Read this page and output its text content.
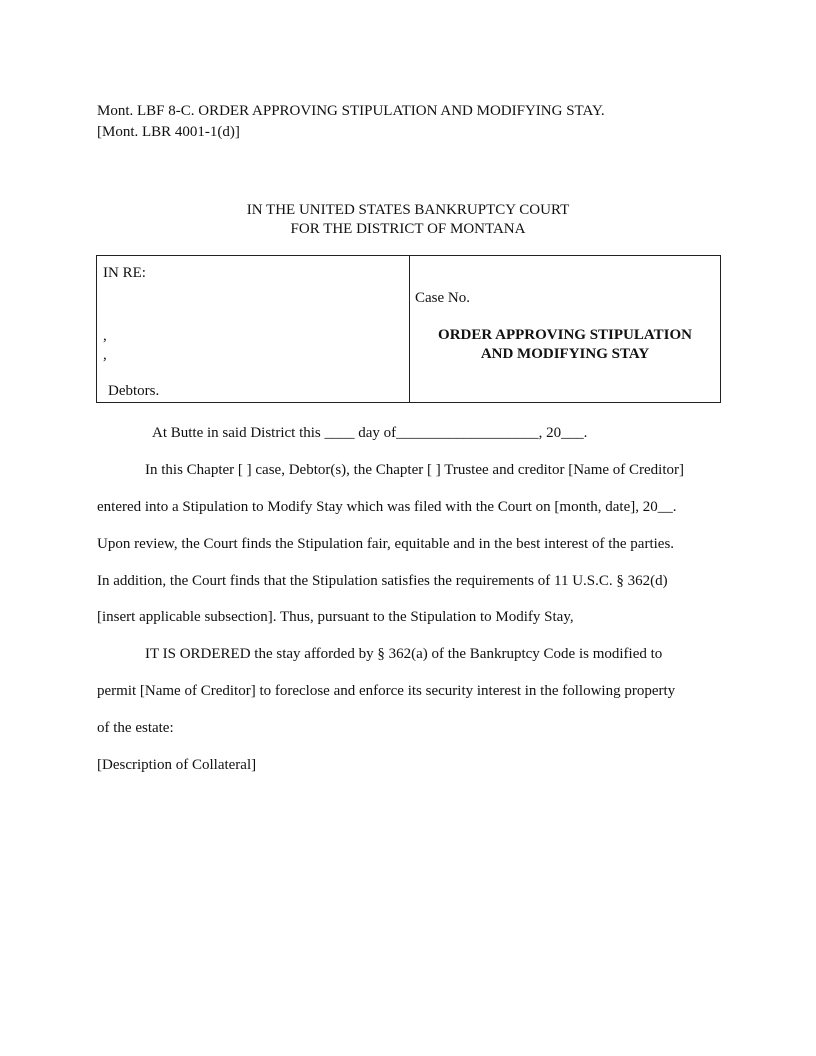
Mont. LBF 8-C. ORDER APPROVING STIPULATION AND MODIFYING STAY.
[Mont. LBR 4001-1(d)]
IN THE UNITED STATES BANKRUPTCY COURT
FOR THE DISTRICT OF MONTANA
IN RE:
,
,
Debtors.
Case No.
ORDER APPROVING STIPULATION
AND MODIFYING STAY
At Butte in said District this ____ day of___________________, 20___.
In this Chapter [ ] case, Debtor(s), the Chapter [ ] Trustee and creditor [Name of Creditor]
entered into a Stipulation to Modify Stay which was filed with the Court on [month, date], 20__.
Upon review, the Court finds the Stipulation fair, equitable and in the best interest of the parties.
In addition, the Court finds that the Stipulation satisfies the requirements of 11 U.S.C. § 362(d)
[insert applicable subsection]. Thus, pursuant to the Stipulation to Modify Stay,
IT IS ORDERED the stay afforded by § 362(a) of the Bankruptcy Code is modified to
permit [Name of Creditor] to foreclose and enforce its security interest in the following property
of the estate:
[Description of Collateral]
